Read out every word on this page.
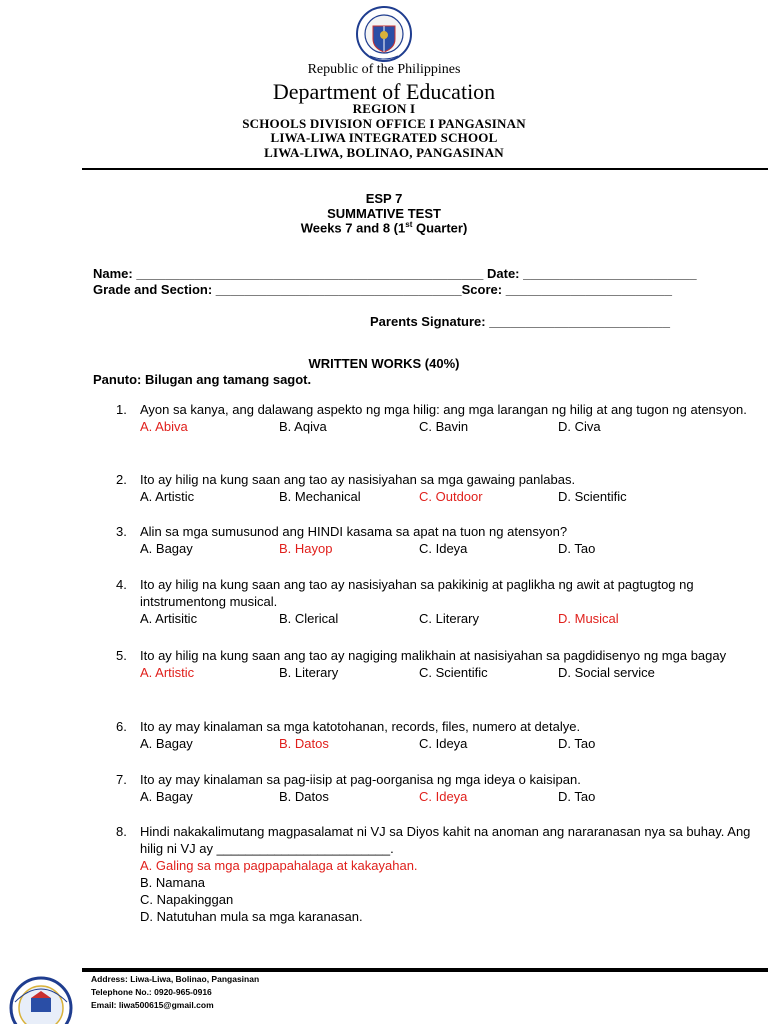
Republic of the Philippines
Department of Education
REGION I
SCHOOLS DIVISION OFFICE I PANGASINAN
LIWA-LIWA INTEGRATED SCHOOL
LIWA-LIWA, BOLINAO, PANGASINAN
ESP 7
SUMMATIVE TEST
Weeks 7 and 8 (1st Quarter)
Name: ________________________________________________ Date: ________________________
Grade and Section: __________________________________Score: _______________________
Parents Signature: _________________________
WRITTEN WORKS (40%)
Panuto: Bilugan ang tamang sagot.
1. Ayon sa kanya, ang dalawang aspekto ng mga hilig: ang mga larangan ng hilig at ang tugon ng atensyon.
A. Abiva	B. Aqiva	C. Bavin	D. Civa
2. Ito ay hilig na kung saan ang tao ay nasisiyahan sa mga gawaing panlabas.
A. Artistic	B. Mechanical	C. Outdoor	D. Scientific
3. Alin sa mga sumusunod ang HINDI kasama sa apat na tuon ng atensyon?
A. Bagay	B. Hayop	C. Ideya	D. Tao
4. Ito ay hilig na kung saan ang tao ay nasisiyahan sa pakikinig at paglikha ng awit at pagtugtog ng intstrumentong musical.
A. Artisitic	B. Clerical	C. Literary	D. Musical
5. Ito ay hilig na kung saan ang tao ay nagiging malikhain at nasisiyahan sa pagdidisenyo ng mga bagay
A. Artistic	B. Literary	C. Scientific	D. Social service
6. Ito ay may kinalaman sa mga katotohanan, records, files, numero at detalye.
A. Bagay	B. Datos	C. Ideya	D. Tao
7. Ito ay may kinalaman sa pag-iisip at pag-oorganisa ng mga ideya o kaisipan.
A. Bagay	B. Datos	C. Ideya	D. Tao
8. Hindi nakakalimutang magpasalamat ni VJ sa Diyos kahit na anoman ang nararanasan nya sa buhay. Ang hilig ni VJ ay ________________________.
A. Galing sa mga pagpapahalaga at kakayahan.
B. Namana
C. Napakinggan
D. Natutuhan mula sa mga karanasan.
Address: Liwa-Liwa, Bolinao, Pangasinan
Telephone No.: 0920-965-0916
Email: liwa500615@gmail.com
